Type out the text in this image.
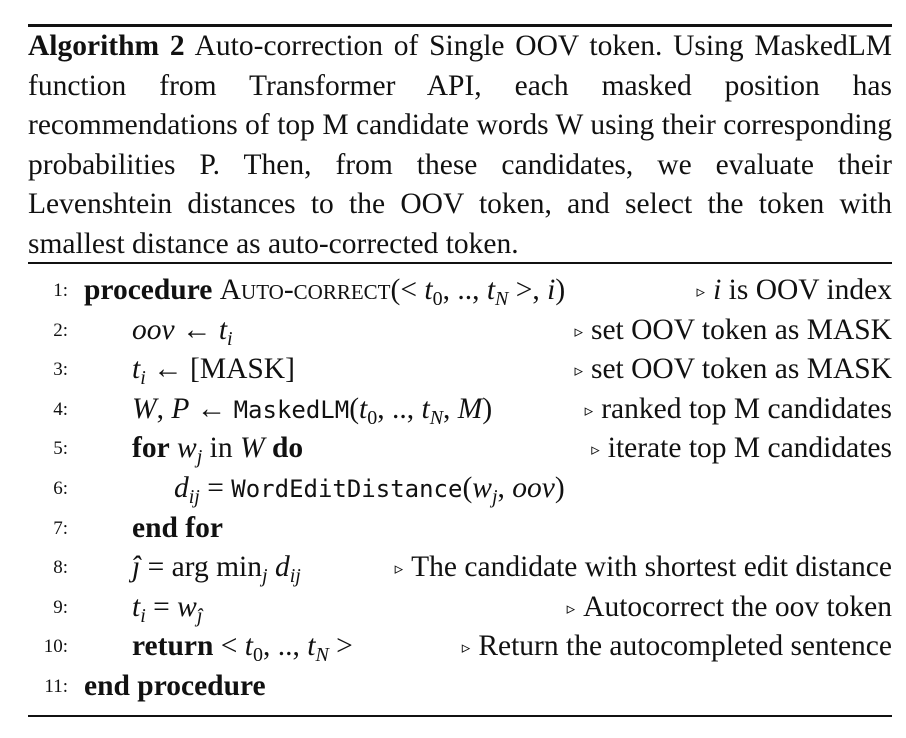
Algorithm 2 Auto-correction of Single OOV token. Using MaskedLM function from Transformer API, each masked position has recommendations of top M candidate words W using their corresponding probabilities P. Then, from these candidates, we evaluate their Levenshtein distances to the OOV token, and select the token with smallest distance as auto-corrected token.
1: procedure Auto-correct(< $t_0$, .., $t_N$ >, i)	▹ i is OOV index
2: oov ← $t_i$	▹ set OOV token as MASK
3: $t_i$ ← [MASK]	▹ set OOV token as MASK
4: W, P ← $MaskedLM(t_0$, .., $t_N$, M)	▹ ranked top M candidates
5: for $w_j$ in W do	▹ iterate top M candidates
6:	$d_{ij}$ = $WordEditDistance(w_j$, oov)
7: end for
8: ĵ = arg $\min_j d_{ij}$	▹ The candidate with shortest edit distance
9: $t_i = w_ĵ$	▹ Autocorrect the oov token
10: return < $t_0$, .., $t_N$ >	▹ Return the autocompleted sentence
11: end procedure
